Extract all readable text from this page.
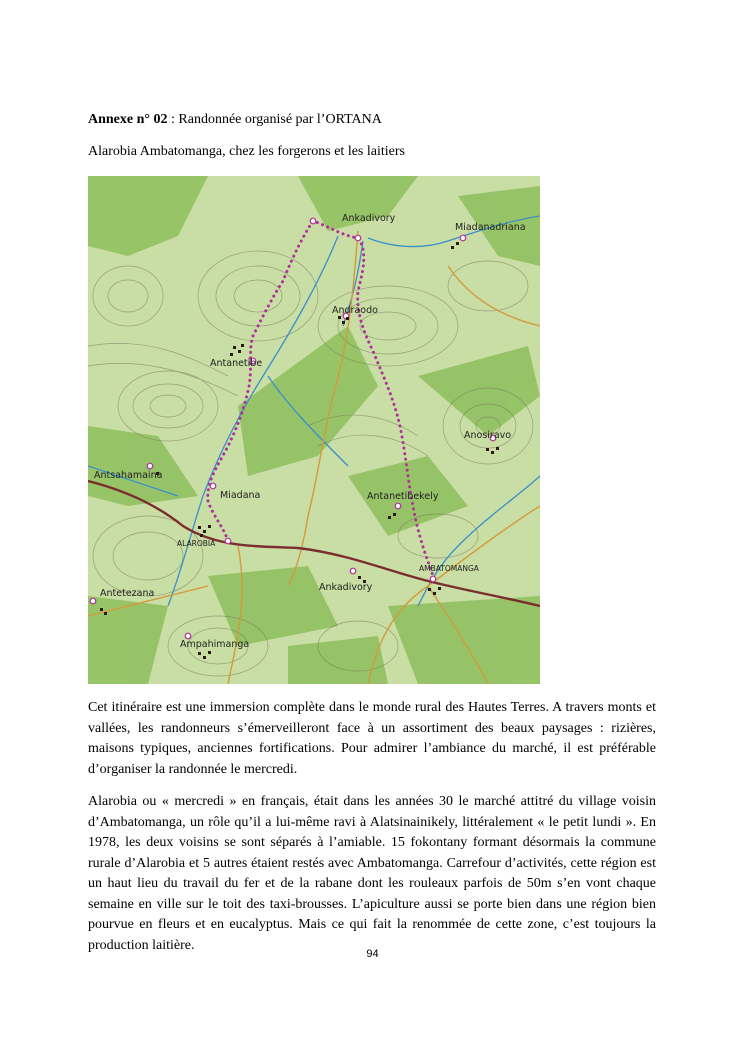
Annexe n° 02 : Randonnée organisé par l’ORTANA
Alarobia Ambatomanga, chez les forgerons et les laitiers
Ankadivory
Miadanadriana
Andraodo
Antanetibe
Anosiravo
Antsahamaina
Miadana	Antanetibekely
ALAROBIA
AMBATOMANGA
Ankadivory
Antetezana
Ampahimanga

Cet itinéraire est une immersion complète dans le monde rural des Hautes Terres. A travers monts et vallées, les randonneurs s’émerveilleront face à un assortiment des beaux paysages : rizières, maisons typiques, anciennes fortifications. Pour admirer l’ambiance du marché, il est préférable d’organiser la randonnée le mercredi.

Alarobia ou « mercredi » en français, était dans les années 30 le marché attitré du village voisin d’Ambatomanga, un rôle qu’il a lui-même ravi à Alatsinainikely, littéralement « le petit lundi ». En 1978, les deux voisins se sont séparés à l’amiable. 15 fokontany formant désormais la commune rurale d’Alarobia et 5 autres étaient restés avec Ambatomanga. Carrefour d’activités, cette région est un haut lieu du travail du fer et de la rabane dont les rouleaux parfois de 50m s’en vont chaque semaine en ville sur le toit des taxi-brousses. L’apiculture aussi se porte bien dans une région bien pourvue en fleurs et en eucalyptus. Mais ce qui fait la renommée de cette zone, c’est toujours la production laitière.

94
